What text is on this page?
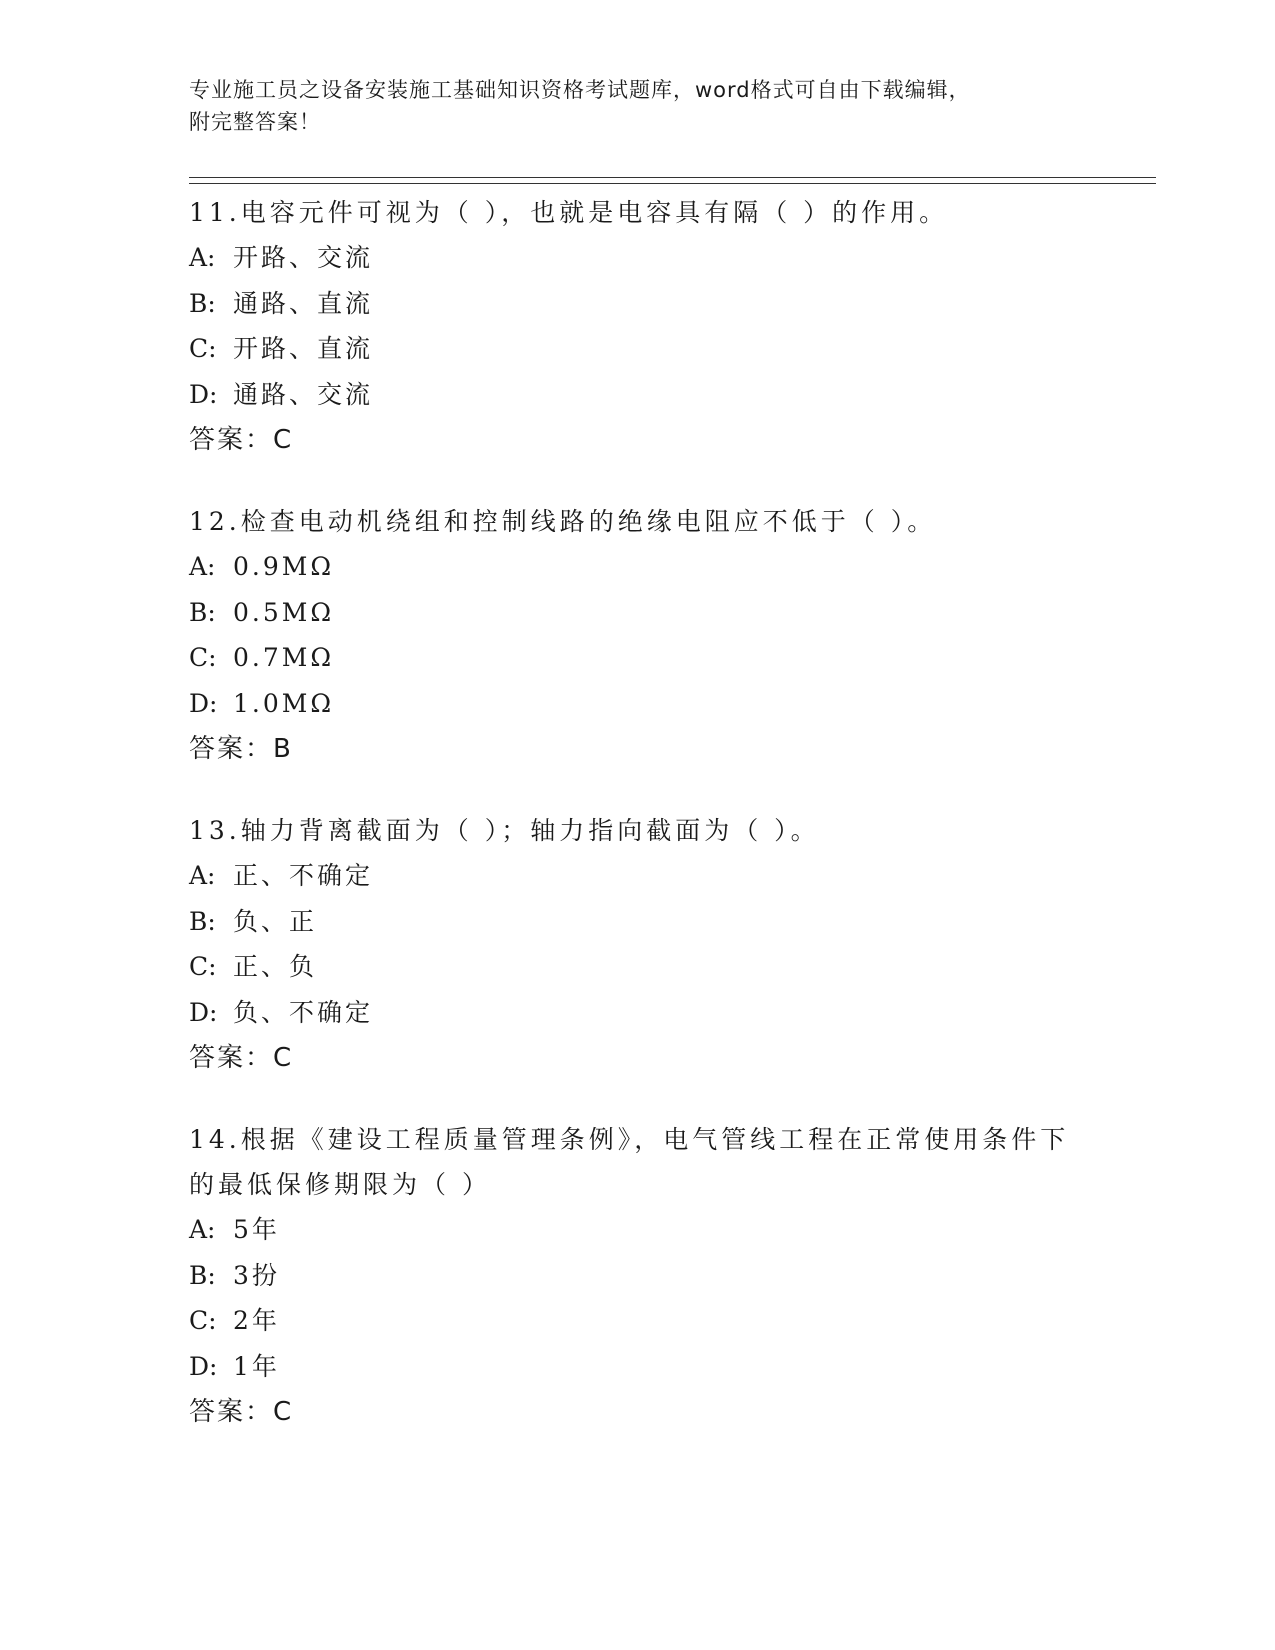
专业施工员之设备安装施工基础知识资格考试题库，word格式可自由下载编辑，
附完整答案！
11.电容元件可视为（ ），也就是电容具有隔（ ）的作用。
A: 开路、交流
B: 通路、直流
C: 开路、直流
D: 通路、交流
答案：C
12.检查电动机绕组和控制线路的绝缘电阻应不低于（ ）。
A: 0.9MΩ
B: 0.5MΩ
C: 0.7MΩ
D: 1.0MΩ
答案：B
13.轴力背离截面为（ ）；轴力指向截面为（ ）。
A: 正、不确定
B: 负、正
C: 正、负
D: 负、不确定
答案：C
14.根据《建设工程质量管理条例》，电气管线工程在正常使用条件下的最低保修期限为（ ）
A: 5年
B: 3扮
C: 2年
D: 1年
答案：C
